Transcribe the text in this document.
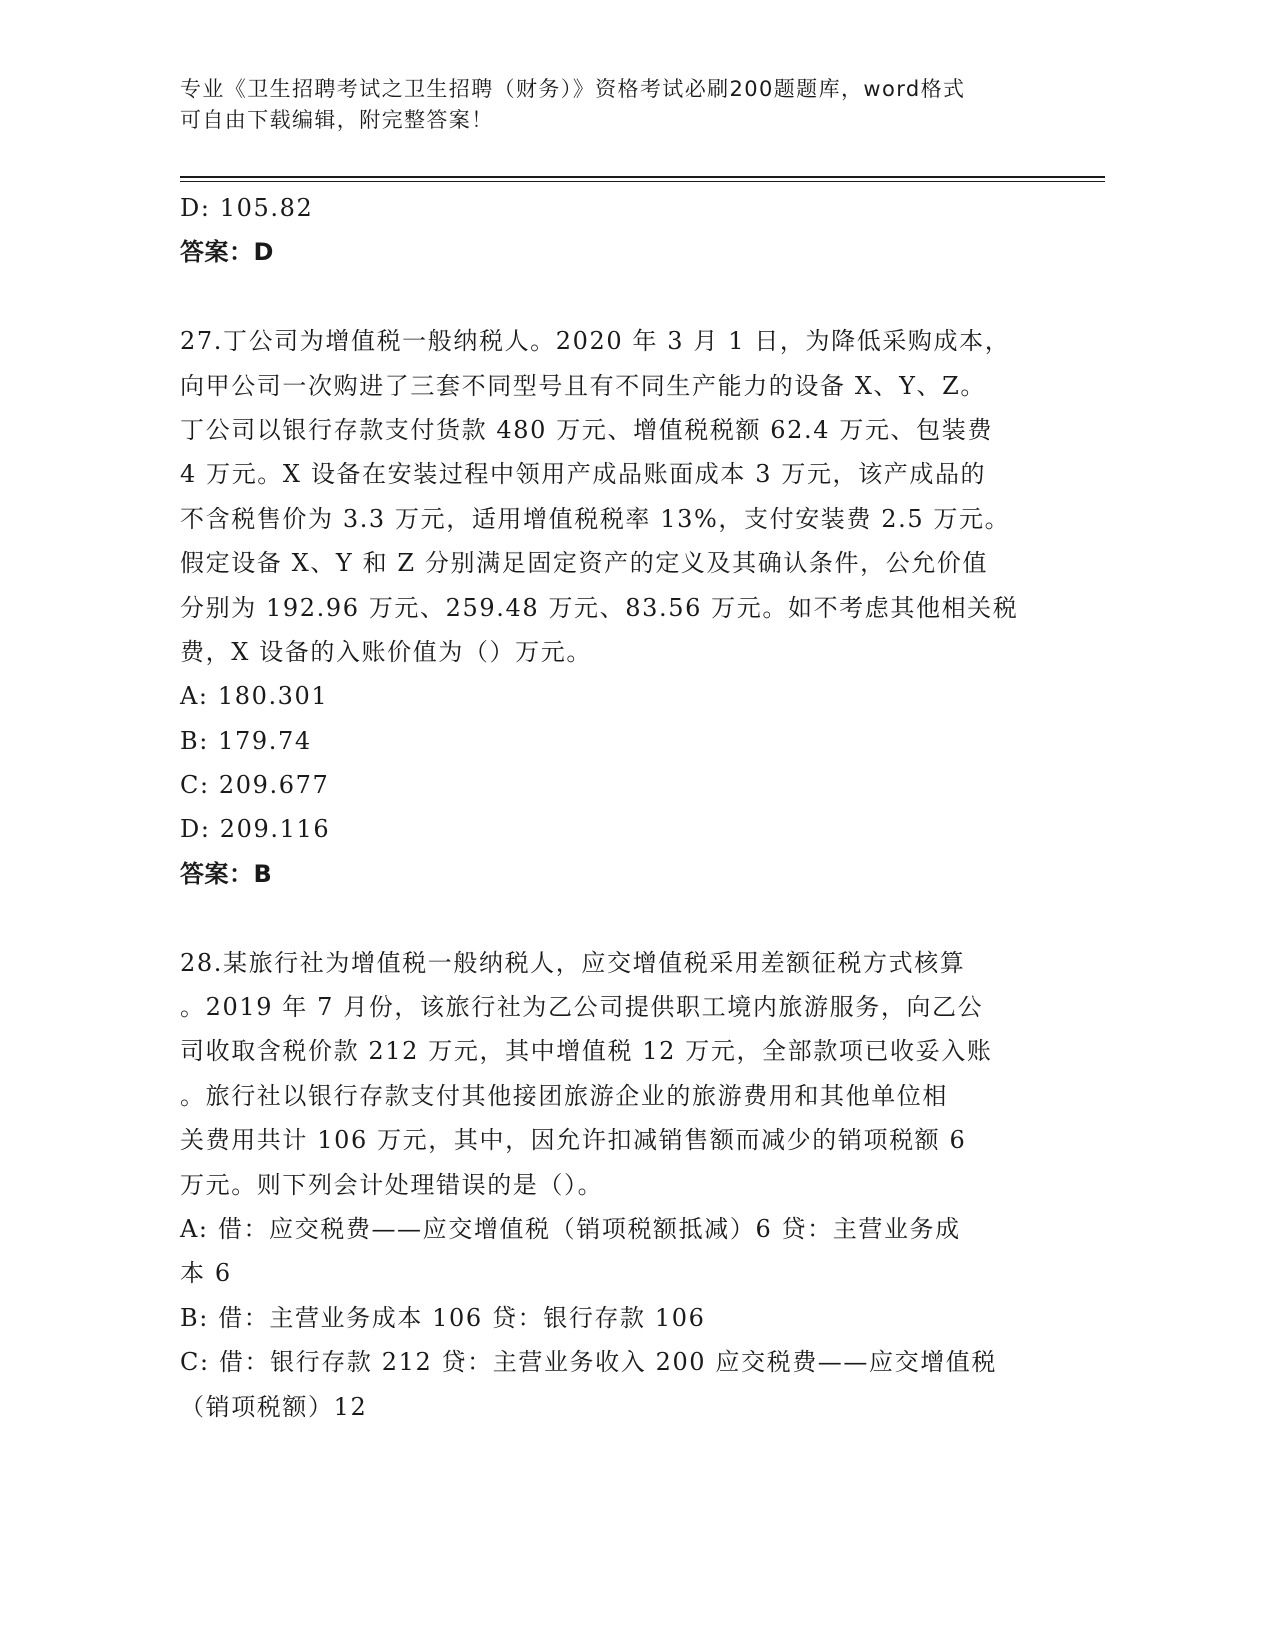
专业《卫生招聘考试之卫生招聘（财务）》资格考试必刷200题题库，word格式
可自由下载编辑，附完整答案！
D: 105.82
答案：D
27.丁公司为增值税一般纳税人。2020 年 3 月 1 日，为降低采购成本，
向甲公司一次购进了三套不同型号且有不同生产能力的设备 X、Y、Z。
丁公司以银行存款支付货款 480 万元、增值税税额 62.4 万元、包装费
4 万元。X 设备在安装过程中领用产成品账面成本 3 万元，该产成品的
不含税售价为 3.3 万元，适用增值税税率 13%，支付安装费 2.5 万元。
假定设备 X、Y 和 Z 分别满足固定资产的定义及其确认条件，公允价值
分别为 192.96 万元、259.48 万元、83.56 万元。如不考虑其他相关税
费，X 设备的入账价值为（）万元。
A: 180.301
B: 179.74
C: 209.677
D: 209.116
答案：B
28.某旅行社为增值税一般纳税人，应交增值税采用差额征税方式核算
。2019 年 7 月份，该旅行社为乙公司提供职工境内旅游服务，向乙公
司收取含税价款 212 万元，其中增值税 12 万元，全部款项已收妥入账
。旅行社以银行存款支付其他接团旅游企业的旅游费用和其他单位相
关费用共计 106 万元，其中，因允许扣减销售额而减少的销项税额 6
万元。则下列会计处理错误的是（）。
A: 借：应交税费——应交增值税（销项税额抵减）6 贷：主营业务成
本 6
B: 借：主营业务成本 106 贷：银行存款 106
C: 借：银行存款 212 贷：主营业务收入 200 应交税费——应交增值税
（销项税额）12
